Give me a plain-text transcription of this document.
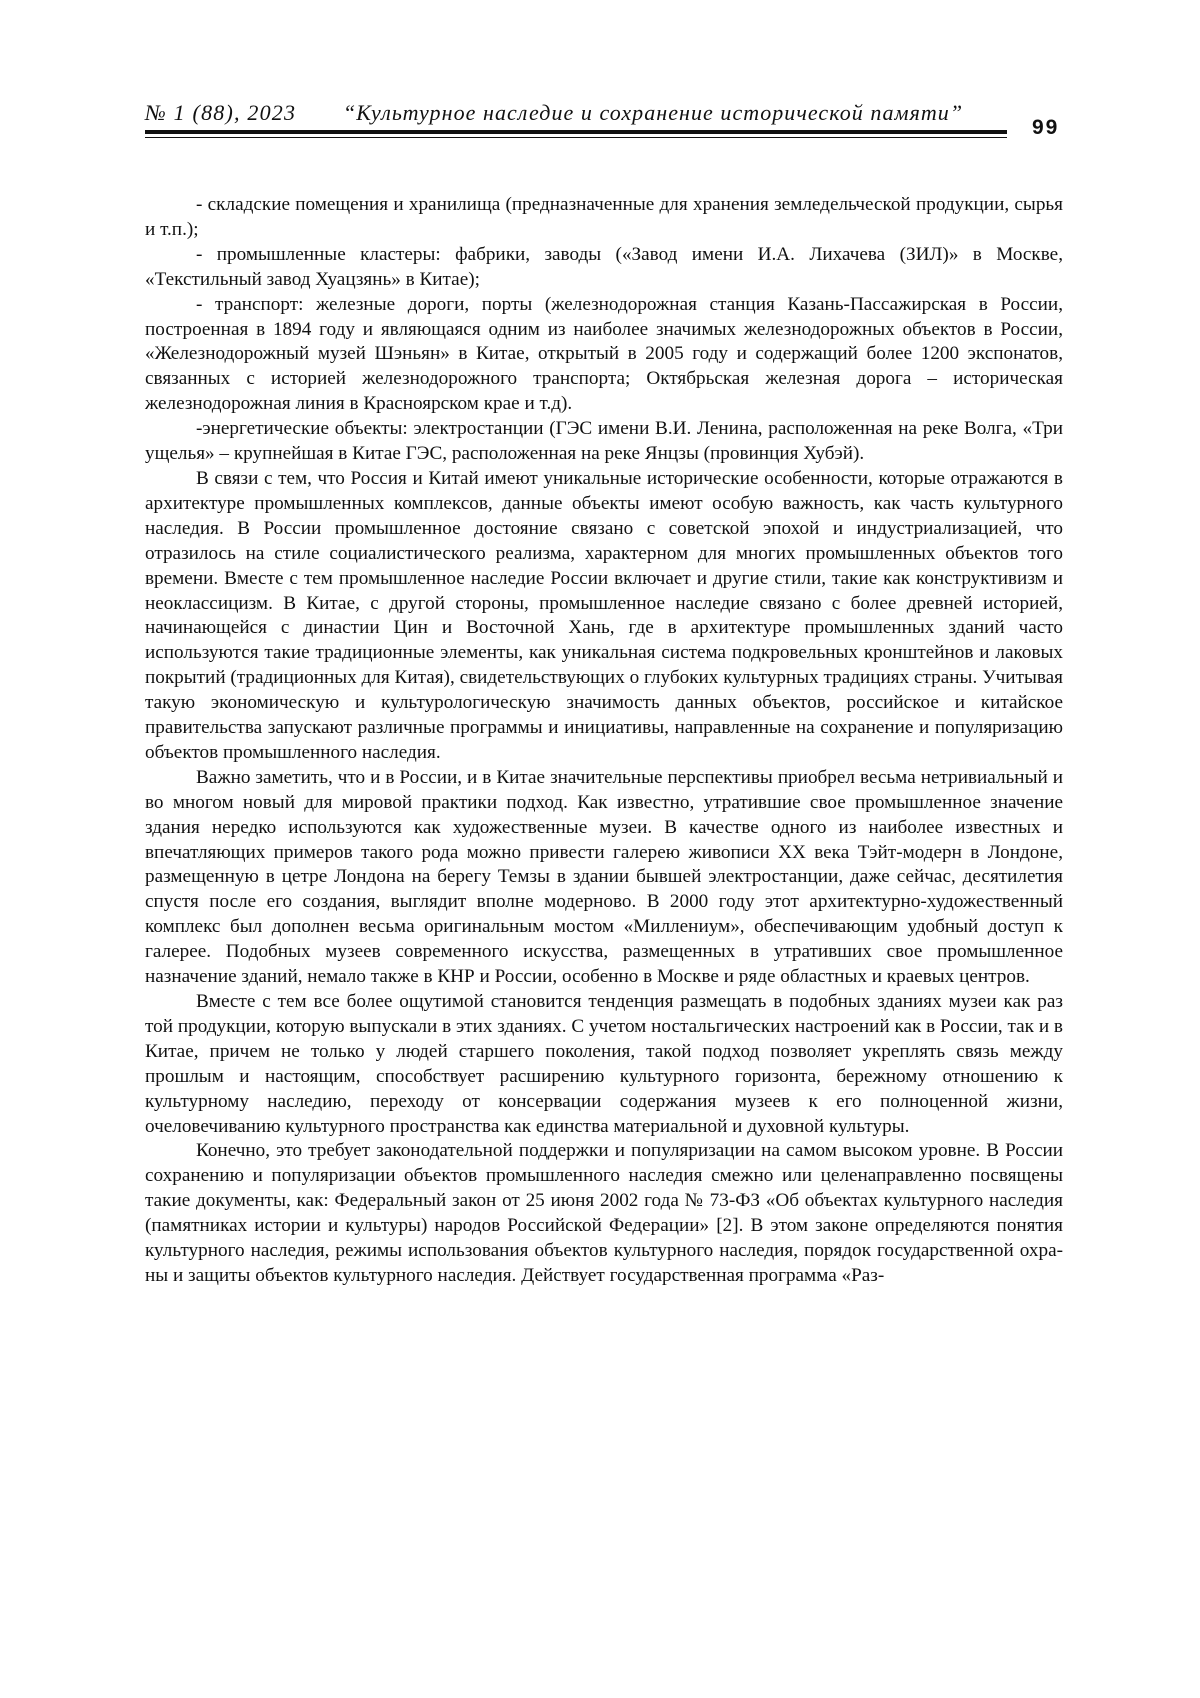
№ 1 (88), 2023 “Культурное наследие и сохранение исторической памяти”
99

- складские помещения и хранилища (предназначенные для хранения земледельческой продукции, сырья и т.п.);

- промышленные кластеры: фабрики, заводы («Завод имени И.А. Лихачева (ЗИЛ)» в Москве, «Текстильный завод Хуацзянь» в Китае);

- транспорт: железные дороги, порты (железнодорожная станция Казань-Пассажирская в России, построенная в 1894 году и являющаяся одним из наиболее значимых железно­дорожных объектов в России, «Железнодорожный музей Шэньян» в Китае, открытый в 2005 году и содержащий более 1200 экспонатов, связанных с историей железнодорожного транспорта; Октябрьская железная дорога – историческая железнодорожная линия в Крас­ноярском крае и т.д).

-энергетические объекты: электростанции (ГЭС имени В.И. Ленина, расположенная на реке Волга, «Три ущелья» – крупнейшая в Китае ГЭС, расположенная на реке Янцзы (провинция Хубэй).

В связи с тем, что Россия и Китай имеют уникальные исторические особенности, которые отражаются в архитектуре промышленных комплексов, данные объекты имеют особую важность, как часть культурного наследия. В России промышленное достояние связано с советской эпохой и индустриализацией, что отразилось на стиле социалистичес­кого реализма, характерном для многих промышленных объектов того времени. Вместе с тем промышленное наследие России включает и другие стили, такие как конструктивизм и неоклассицизм. В Китае, с другой стороны, промышленное наследие связано с более древней историей, начинающейся с династии Цин и Восточной Хань, где в архитектуре промышленных зданий часто используются такие традиционные элементы, как уникальная система подкровельных кронштейнов и лаковых покрытий (традиционных для Китая), сви­детельствующих о глубоких культурных традициях страны. Учитывая такую экономическую и культурологическую значимость данных объектов, российское и китайское правительства запускают различные программы и инициативы, направленные на сохранение и популяриза­цию объектов промышленного наследия.

Важно заметить, что и в России, и в Китае значительные перспективы приобрел весьма нетривиальный и во многом новый для мировой практики подход. Как известно, утратившие свое промышленное значение здания нередко используются как художествен­ные музеи. В качестве одного из наиболее известных и впечатляющих примеров такого рода можно привести галерею живописи XX века Тэйт-модерн в Лондоне, размещенную в цетре Лондона на берегу Темзы в здании бывшей электростанции, даже сейчас, десятиле­тия спустя после его создания, выглядит вполне модерново. В 2000 году этот архитектур­но-художественный комплекс был дополнен весьма оригинальным мостом «Миллениум», обеспечивающим удобный доступ к галерее. Подобных музеев современного искусства, размещенных в утративших свое промышленное назначение зданий, немало также в КНР и России, особенно в Москве и ряде областных и краевых центров.

Вместе с тем все более ощутимой становится тенденция размещать в подобных зданиях музеи как раз той продукции, которую выпускали в этих зданиях. С учетом нос­тальгических настроений как в России, так и в Китае, причем не только у людей старшего поколения, такой подход позволяет укреплять связь между прошлым и настоящим, способ­ствует расширению культурного горизонта, бережному отношению к культурному наследию, переходу от консервации содержания музеев к его полноценной жизни, очеловечиванию культурного пространства как единства материальной и духовной культуры.

Конечно, это требует законодательной поддержки и популяризации на самом высоком уровне. В России сохранению и популяризации объектов промышленного наследия смежно или целенаправленно посвящены такие документы, как: Федеральный закон от 25 июня 2002 года № 73-ФЗ «Об объектах культурного наследия (памятниках истории и культуры) наро­дов Российской Федерации» [2]. В этом законе определяются понятия культурного насле­дия, режимы использования объектов культурного наследия, порядок государственной охра­ны и защиты объектов культурного наследия. Действует государственная программа «Раз-
